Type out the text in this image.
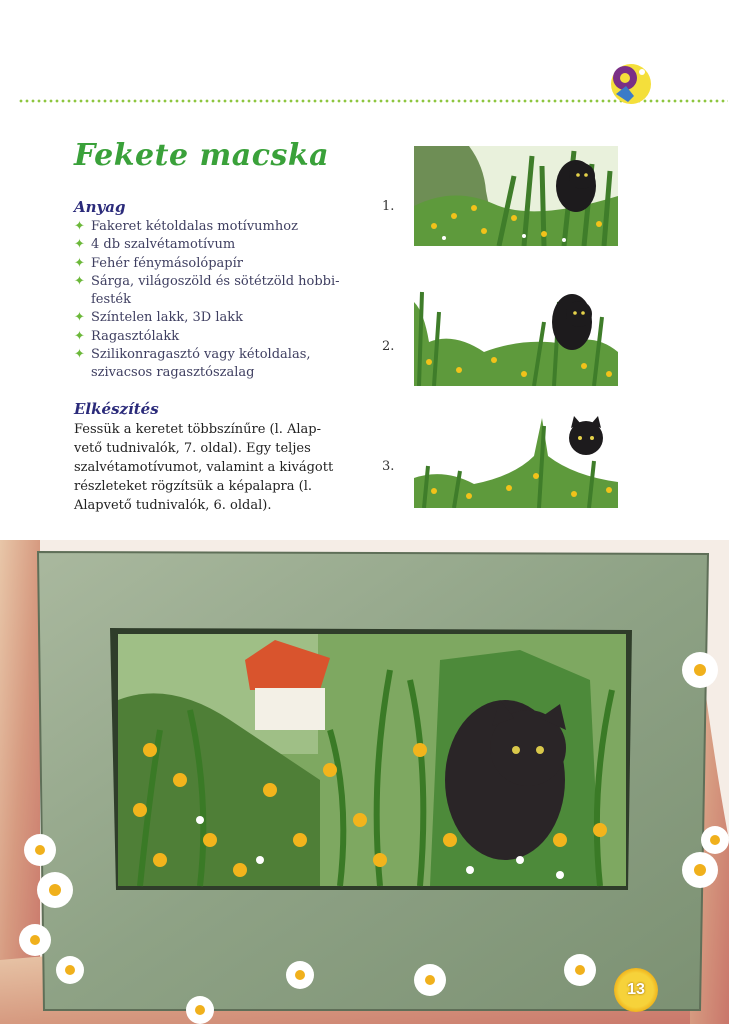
Fekete macska
Anyag
✦ Fakeret kétoldalas motívumhoz
✦ 4 db szalvétamotívum
✦ Fehér fénymásolópapír
✦ Sárga, világoszöld és sötétzöld hobbi-
festék
✦ Színtelen lakk, 3D lakk
✦ Ragasztólakk
✦ Szilikonragasztó vagy kétoldalas,
szivacsos ragasztószalag
Elkészítés
Fessük a keretet többszínűre (l. Alap-
vető tudnivalók, 7. oldal). Egy teljes
szalvétamotívumot, valamint a kivágott
részleteket rögzítsük a képalapra (l.
Alapvető tudnivalók, 6. oldal).
1.
2.
3.
13
